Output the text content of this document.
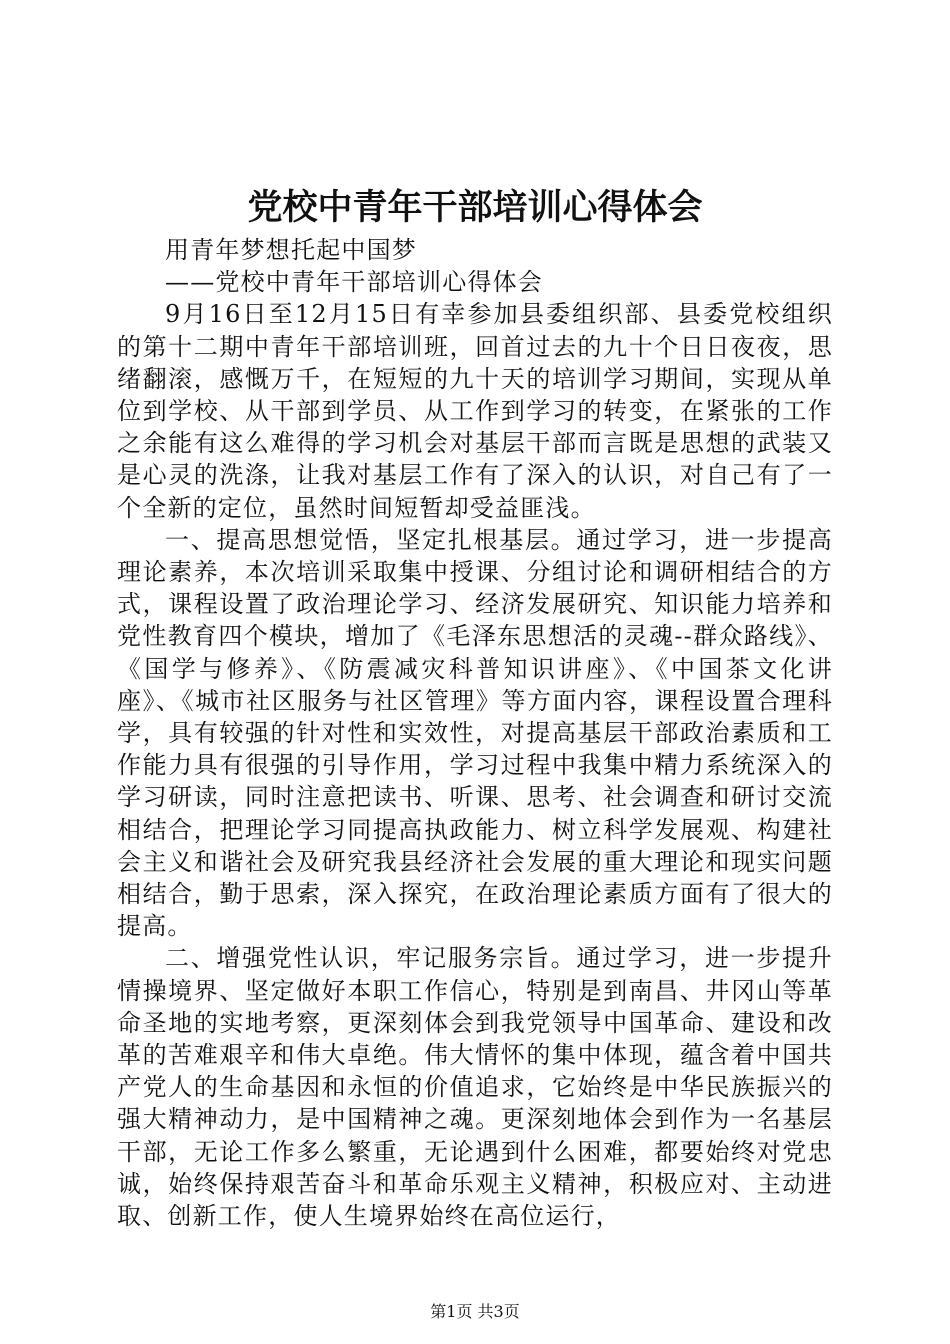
党校中青年干部培训心得体会

用青年梦想托起中国梦

——党校中青年干部培训心得体会

9月16日至12月15日有幸参加县委组织部、县委党校组织的第十二期中青年干部培训班，回首过去的九十个日日夜夜，思绪翻滚，感慨万千，在短短的九十天的培训学习期间，实现从单位到学校、从干部到学员、从工作到学习的转变，在紧张的工作之余能有这么难得的学习机会对基层干部而言既是思想的武装又是心灵的洗涤，让我对基层工作有了深入的认识，对自己有了一个全新的定位，虽然时间短暂却受益匪浅。

一、提高思想觉悟，坚定扎根基层。通过学习，进一步提高理论素养，本次培训采取集中授课、分组讨论和调研相结合的方式，课程设置了政治理论学习、经济发展研究、知识能力培养和党性教育四个模块，增加了《毛泽东思想活的灵魂--群众路线》、《国学与修养》、《防震减灾科普知识讲座》、《中国茶文化讲座》、《城市社区服务与社区管理》等方面内容，课程设置合理科学，具有较强的针对性和实效性，对提高基层干部政治素质和工作能力具有很强的引导作用，学习过程中我集中精力系统深入的学习研读，同时注意把读书、听课、思考、社会调查和研讨交流相结合，把理论学习同提高执政能力、树立科学发展观、构建社会主义和谐社会及研究我县经济社会发展的重大理论和现实问题相结合，勤于思索，深入探究，在政治理论素质方面有了很大的提高。

二、增强党性认识，牢记服务宗旨。通过学习，进一步提升情操境界、坚定做好本职工作信心，特别是到南昌、井冈山等革命圣地的实地考察，更深刻体会到我党领导中国革命、建设和改革的苦难艰辛和伟大卓绝。伟大情怀的集中体现，蕴含着中国共产党人的生命基因和永恒的价值追求，它始终是中华民族振兴的强大精神动力，是中国精神之魂。更深刻地体会到作为一名基层干部，无论工作多么繁重，无论遇到什么困难，都要始终对党忠诚，始终保持艰苦奋斗和革命乐观主义精神，积极应对、主动进取、创新工作，使人生境界始终在高位运行，

第1页 共3页
